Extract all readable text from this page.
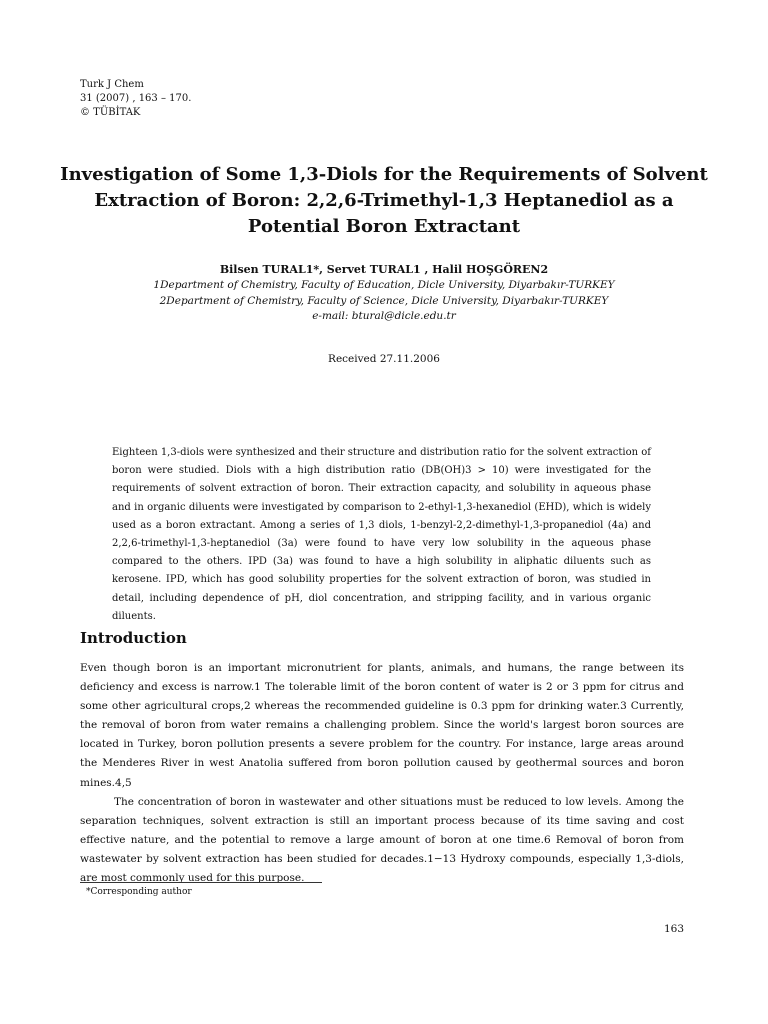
Turk J Chem
31 (2007) , 163 – 170.
© TÜBİTAK
Investigation of Some 1,3-Diols for the Requirements of Solvent Extraction of Boron: 2,2,6-Trimethyl-1,3 Heptanediol as a Potential Boron Extractant
Bilsen TURAL1*, Servet TURAL1 , Halil HOŞGÖREN2
1Department of Chemistry, Faculty of Education, Dicle University, Diyarbakır-TURKEY
2Department of Chemistry, Faculty of Science, Dicle University, Diyarbakır-TURKEY
e-mail: btural@dicle.edu.tr
Received 27.11.2006
Eighteen 1,3-diols were synthesized and their structure and distribution ratio for the solvent extraction of boron were studied. Diols with a high distribution ratio (DB(OH)3 > 10) were investigated for the requirements of solvent extraction of boron. Their extraction capacity, and solubility in aqueous phase and in organic diluents were investigated by comparison to 2-ethyl-1,3-hexanediol (EHD), which is widely used as a boron extractant. Among a series of 1,3 diols, 1-benzyl-2,2-dimethyl-1,3-propanediol (4a) and 2,2,6-trimethyl-1,3-heptanediol (3a) were found to have very low solubility in the aqueous phase compared to the others. IPD (3a) was found to have a high solubility in aliphatic diluents such as kerosene. IPD, which has good solubility properties for the solvent extraction of boron, was studied in detail, including dependence of pH, diol concentration, and stripping facility, and in various organic diluents.
Introduction

Even though boron is an important micronutrient for plants, animals, and humans, the range between its deficiency and excess is narrow.1 The tolerable limit of the boron content of water is 2 or 3 ppm for citrus and some other agricultural crops,2 whereas the recommended guideline is 0.3 ppm for drinking water.3 Currently, the removal of boron from water remains a challenging problem. Since the world's largest boron sources are located in Turkey, boron pollution presents a severe problem for the country. For instance, large areas around the Menderes River in west Anatolia suffered from boron pollution caused by geothermal sources and boron mines.4,5

The concentration of boron in wastewater and other situations must be reduced to low levels. Among the separation techniques, solvent extraction is still an important process because of its time saving and cost effective nature, and the potential to remove a large amount of boron at one time.6 Removal of boron from wastewater by solvent extraction has been studied for decades.1−13 Hydroxy compounds, especially 1,3-diols, are most commonly used for this purpose.

*Corresponding author
163
